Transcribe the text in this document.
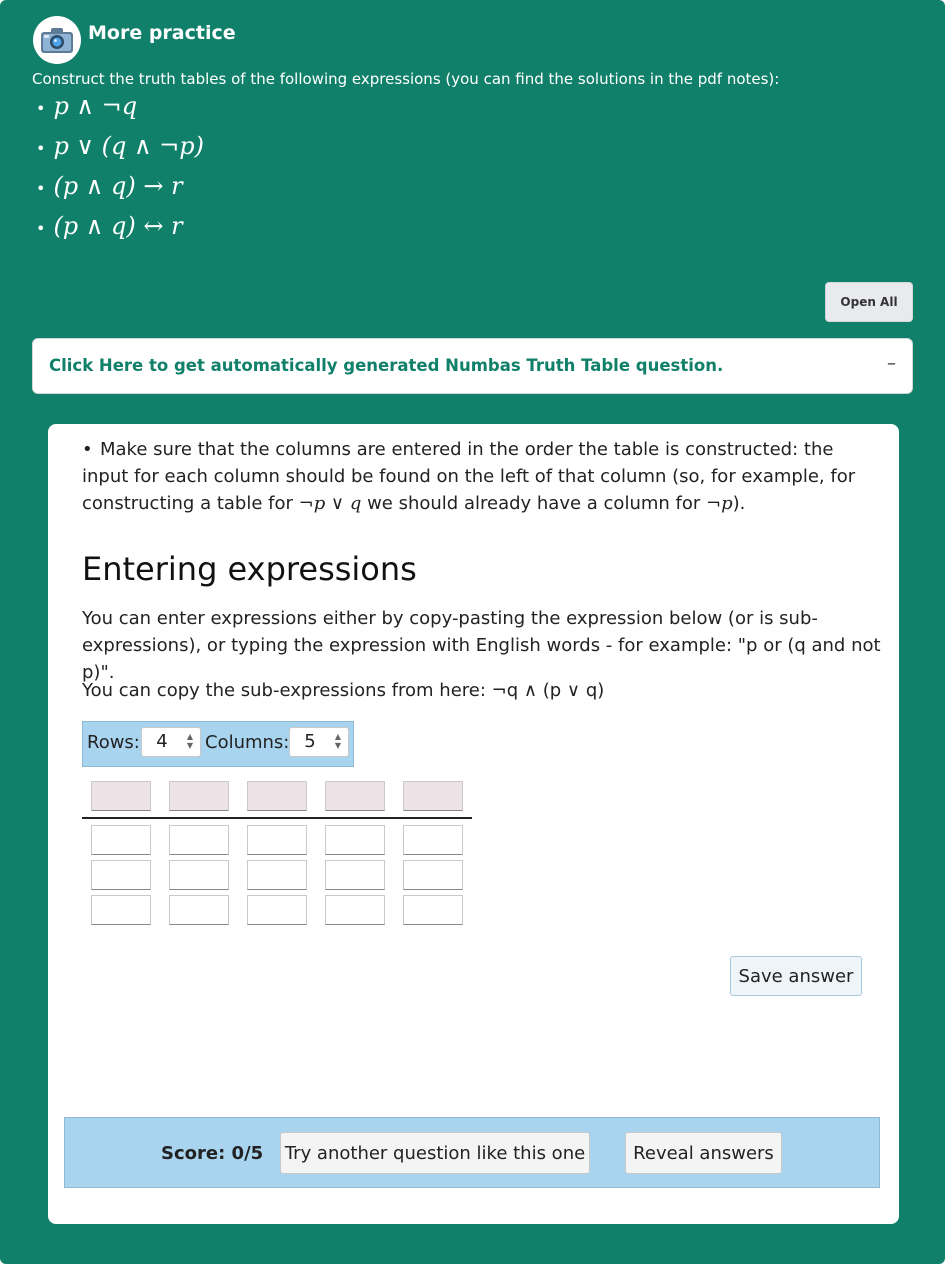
More practice
Construct the truth tables of the following expressions (you can find the solutions in the pdf notes):
• p ∧ ¬q
• p ∨ (q ∧ ¬p)
• (p ∧ q) → r
• (p ∧ q) ↔ r
Open All
Click Here to get automatically generated Numbas Truth Table question.	–
• Make sure that the columns are entered in the order the table is constructed: the input for each column should be found on the left of that column (so, for example, for constructing a table for ¬p ∨ q we should already have a column for ¬p).

Entering expressions
You can enter expressions either by copy-pasting the expression below (or is sub-expressions), or typing the expression with English words - for example: "p or (q and not p)".
You can copy the sub-expressions from here: ¬q ∧ (p ∨ q)
Rows: 4	▲
▼ Columns: 5	▲
▼
Save answer
Score: 0/5 Try another question like this one	Reveal answers
